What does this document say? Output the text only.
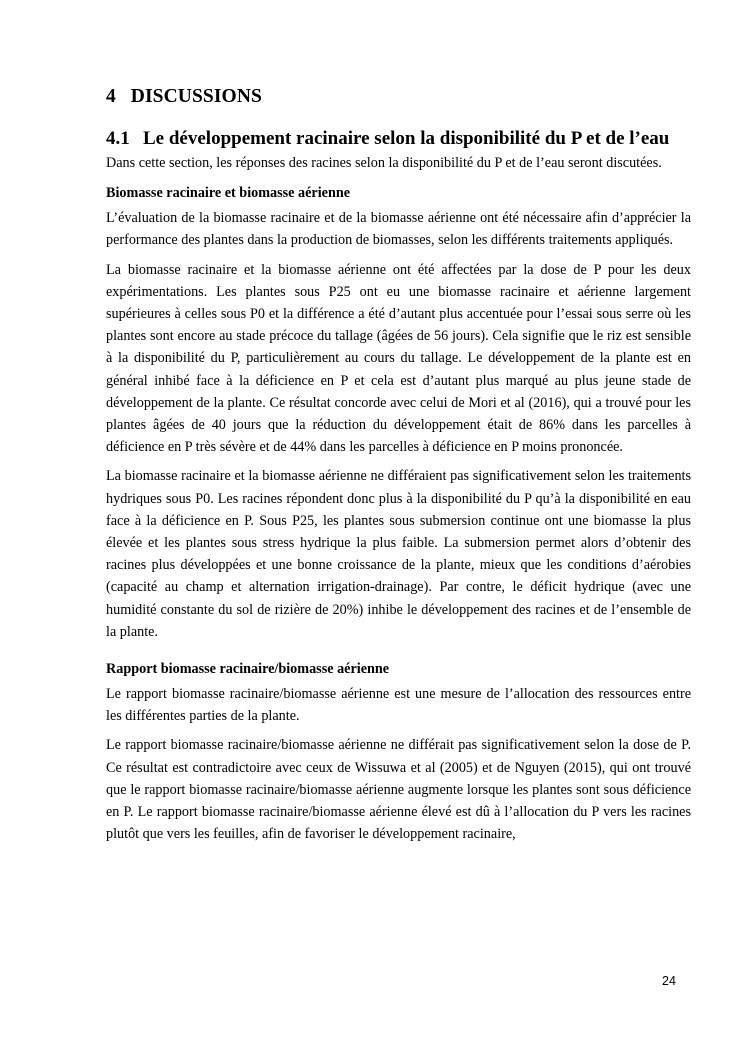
4 DISCUSSIONS
4.1 Le développement racinaire selon la disponibilité du P et de l’eau

Dans cette section, les réponses des racines selon la disponibilité du P et de l’eau seront discutées.

Biomasse racinaire et biomasse aérienne

L’évaluation de la biomasse racinaire et de la biomasse aérienne ont été nécessaire afin d’apprécier la performance des plantes dans la production de biomasses, selon les différents traitements appliqués.

La biomasse racinaire et la biomasse aérienne ont été affectées par la dose de P pour les deux expérimentations. Les plantes sous P25 ont eu une biomasse racinaire et aérienne largement supérieures à celles sous P0 et la différence a été d’autant plus accentuée pour l’essai sous serre où les plantes sont encore au stade précoce du tallage (âgées de 56 jours). Cela signifie que le riz est sensible à la disponibilité du P, particulièrement au cours du tallage. Le développement de la plante est en général inhibé face à la déficience en P et cela est d’autant plus marqué au plus jeune stade de développement de la plante. Ce résultat concorde avec celui de Mori et al (2016), qui a trouvé pour les plantes âgées de 40 jours que la réduction du développement était de 86% dans les parcelles à déficience en P très sévère et de 44% dans les parcelles à déficience en P moins prononcée.

La biomasse racinaire et la biomasse aérienne ne différaient pas significativement selon les traitements hydriques sous P0. Les racines répondent donc plus à la disponibilité du P qu’à la disponibilité en eau face à la déficience en P. Sous P25, les plantes sous submersion continue ont une biomasse la plus élevée et les plantes sous stress hydrique la plus faible. La submersion permet alors d’obtenir des racines plus développées et une bonne croissance de la plante, mieux que les conditions d’aérobies (capacité au champ et alternation irrigation-drainage). Par contre, le déficit hydrique (avec une humidité constante du sol de rizière de 20%) inhibe le développement des racines et de l’ensemble de la plante.

Rapport biomasse racinaire/biomasse aérienne

Le rapport biomasse racinaire/biomasse aérienne est une mesure de l’allocation des ressources entre les différentes parties de la plante.

Le rapport biomasse racinaire/biomasse aérienne ne différait pas significativement selon la dose de P. Ce résultat est contradictoire avec ceux de Wissuwa et al (2005) et de Nguyen (2015), qui ont trouvé que le rapport biomasse racinaire/biomasse aérienne augmente lorsque les plantes sont sous déficience en P. Le rapport biomasse racinaire/biomasse aérienne élevé est dû à l’allocation du P vers les racines plutôt que vers les feuilles, afin de favoriser le développement racinaire,

24
